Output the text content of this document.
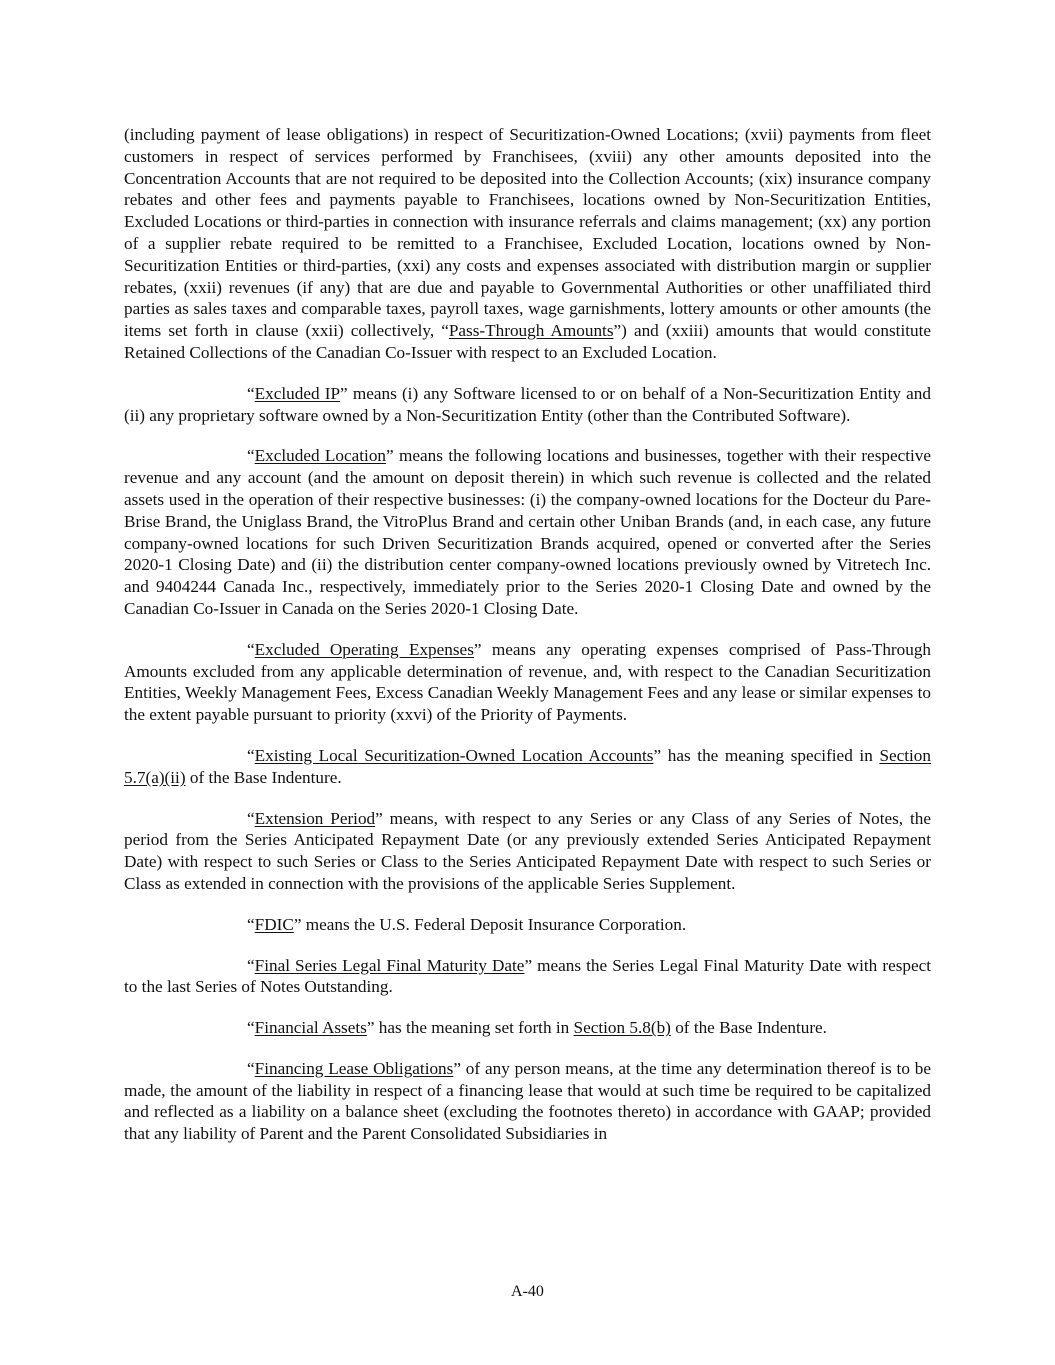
(including payment of lease obligations) in respect of Securitization-Owned Locations; (xvii) payments from fleet customers in respect of services performed by Franchisees, (xviii) any other amounts deposited into the Concentration Accounts that are not required to be deposited into the Collection Accounts; (xix) insurance company rebates and other fees and payments payable to Franchisees, locations owned by Non-Securitization Entities, Excluded Locations or third-parties in connection with insurance referrals and claims management; (xx) any portion of a supplier rebate required to be remitted to a Franchisee, Excluded Location, locations owned by Non-Securitization Entities or third-parties, (xxi) any costs and expenses associated with distribution margin or supplier rebates, (xxii) revenues (if any) that are due and payable to Governmental Authorities or other unaffiliated third parties as sales taxes and comparable taxes, payroll taxes, wage garnishments, lottery amounts or other amounts (the items set forth in clause (xxii) collectively, “Pass-Through Amounts”) and (xxiii) amounts that would constitute Retained Collections of the Canadian Co-Issuer with respect to an Excluded Location.

“Excluded IP” means (i) any Software licensed to or on behalf of a Non-Securitization Entity and (ii) any proprietary software owned by a Non-Securitization Entity (other than the Contributed Software).

“Excluded Location” means the following locations and businesses, together with their respective revenue and any account (and the amount on deposit therein) in which such revenue is collected and the related assets used in the operation of their respective businesses: (i) the company-owned locations for the Docteur du Pare-Brise Brand, the Uniglass Brand, the VitroPlus Brand and certain other Uniban Brands (and, in each case, any future company-owned locations for such Driven Securitization Brands acquired, opened or converted after the Series 2020-1 Closing Date) and (ii) the distribution center company-owned locations previously owned by Vitretech Inc. and 9404244 Canada Inc., respectively, immediately prior to the Series 2020-1 Closing Date and owned by the Canadian Co-Issuer in Canada on the Series 2020-1 Closing Date.

“Excluded Operating Expenses” means any operating expenses comprised of Pass-Through Amounts excluded from any applicable determination of revenue, and, with respect to the Canadian Securitization Entities, Weekly Management Fees, Excess Canadian Weekly Management Fees and any lease or similar expenses to the extent payable pursuant to priority (xxvi) of the Priority of Payments.

“Existing Local Securitization-Owned Location Accounts” has the meaning specified in Section 5.7(a)(ii) of the Base Indenture.

“Extension Period” means, with respect to any Series or any Class of any Series of Notes, the period from the Series Anticipated Repayment Date (or any previously extended Series Anticipated Repayment Date) with respect to such Series or Class to the Series Anticipated Repayment Date with respect to such Series or Class as extended in connection with the provisions of the applicable Series Supplement.

“FDIC” means the U.S. Federal Deposit Insurance Corporation.

“Final Series Legal Final Maturity Date” means the Series Legal Final Maturity Date with respect to the last Series of Notes Outstanding.

“Financial Assets” has the meaning set forth in Section 5.8(b) of the Base Indenture.

“Financing Lease Obligations” of any person means, at the time any determination thereof is to be made, the amount of the liability in respect of a financing lease that would at such time be required to be capitalized and reflected as a liability on a balance sheet (excluding the footnotes thereto) in accordance with GAAP; provided that any liability of Parent and the Parent Consolidated Subsidiaries in

A-40
